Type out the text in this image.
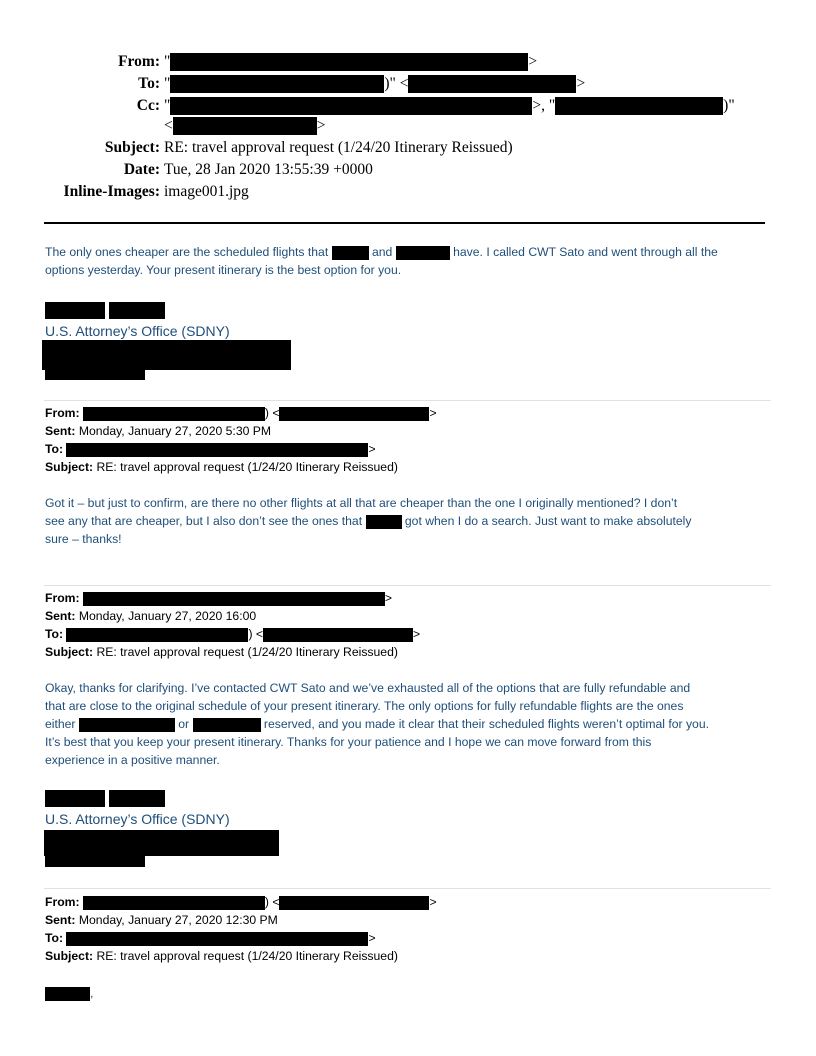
From: "	>
To: "	)" <	>
Cc: "	>, "	)"
<	>
Subject: RE: travel approval request (1/24/20 Itinerary Reissued)
Date: Tue, 28 Jan 2020 13:55:39 +0000
Inline-Images: image001.jpg
The only ones cheaper are the scheduled flights that	and	have. I called CWT Sato and went through all the
options yesterday. Your present itinerary is the best option for you.
U.S. Attorney’s Office (SDNY)
From:	) <	>
Sent: Monday, January 27, 2020 5:30 PM
To:	>
Subject: RE: travel approval request (1/24/20 Itinerary Reissued)
Got it – but just to confirm, are there no other flights at all that are cheaper than the one I originally mentioned? I don’t
see any that are cheaper, but I also don’t see the ones that	got when I do a search. Just want to make absolutely
sure – thanks!
From:	>
Sent: Monday, January 27, 2020 16:00
To:	) <	>
Subject: RE: travel approval request (1/24/20 Itinerary Reissued)
Okay, thanks for clarifying. I’ve contacted CWT Sato and we’ve exhausted all of the options that are fully refundable and
that are close to the original schedule of your present itinerary. The only options for fully refundable flights are the ones
either	or	reserved, and you made it clear that their scheduled flights weren’t optimal for you.
It’s best that you keep your present itinerary. Thanks for your patience and I hope we can move forward from this
experience in a positive manner.
U.S. Attorney’s Office (SDNY)
From:	) <	>
Sent: Monday, January 27, 2020 12:30 PM
To:	>
Subject: RE: travel approval request (1/24/20 Itinerary Reissued)
,
